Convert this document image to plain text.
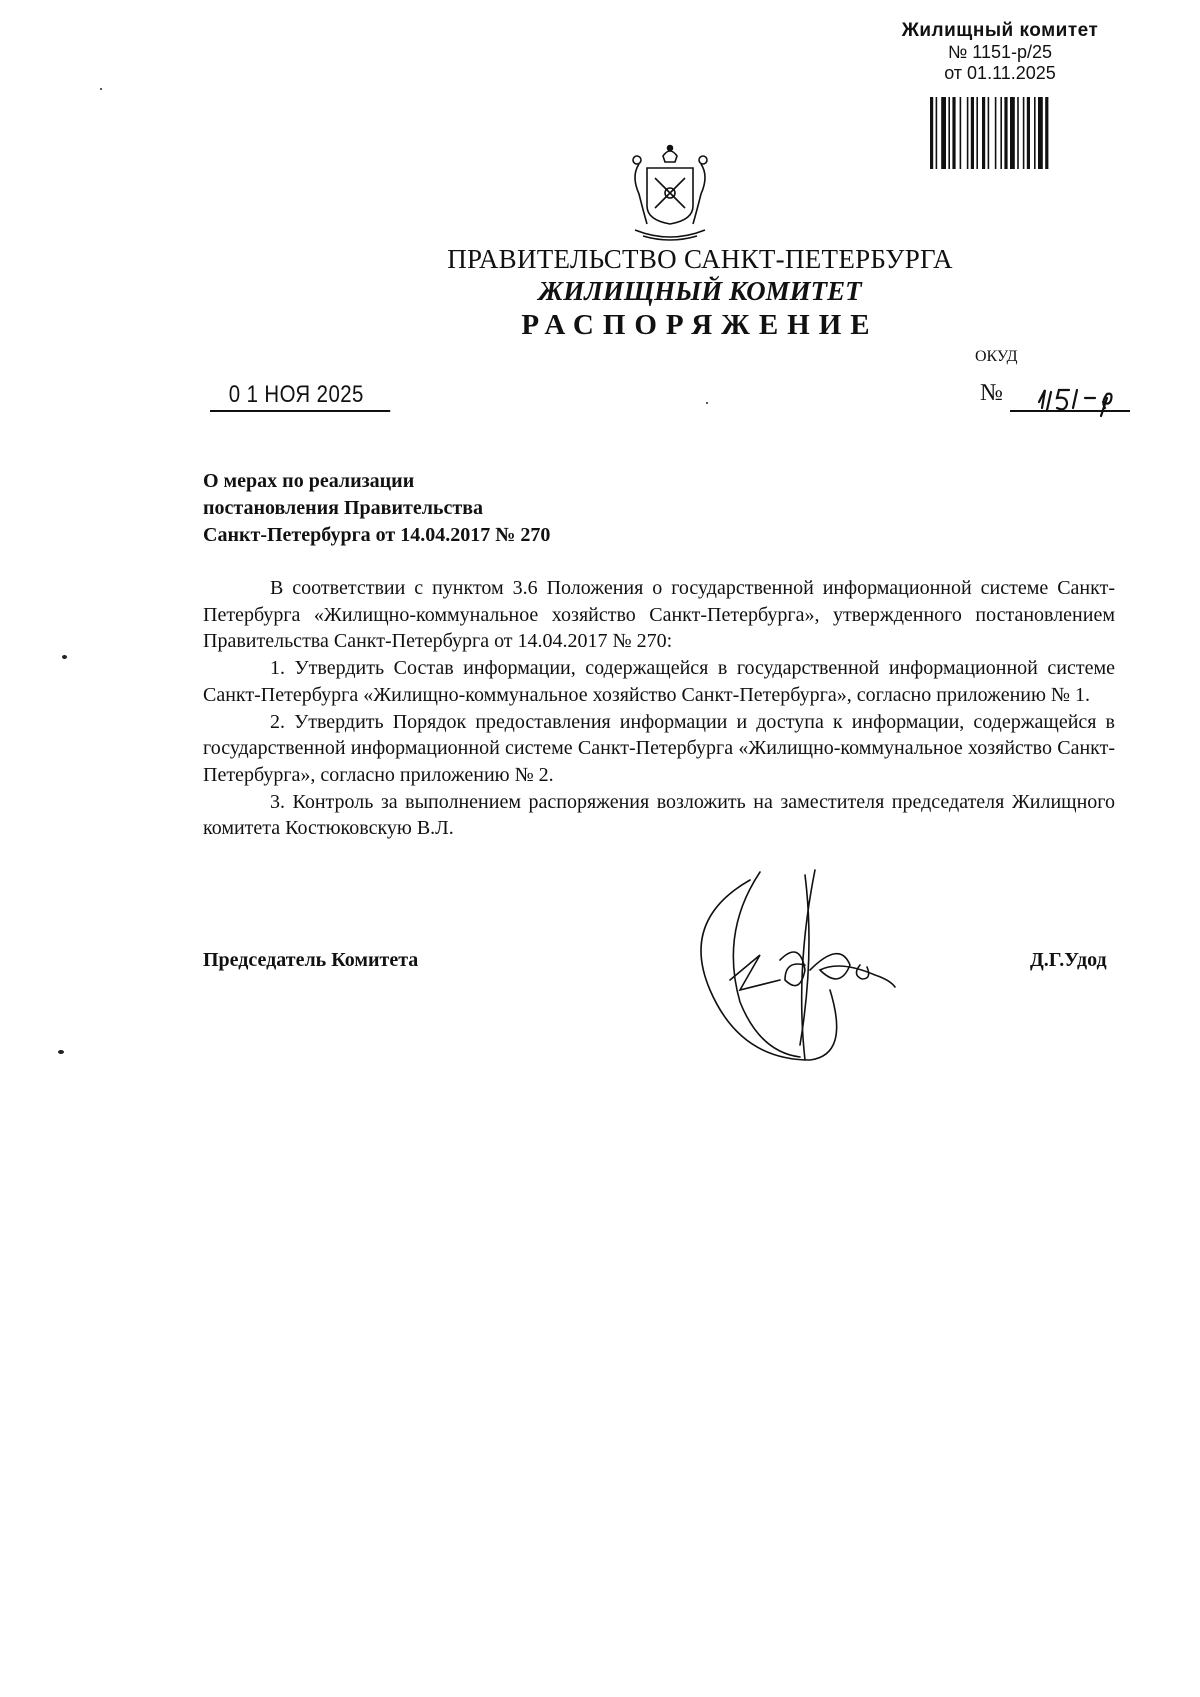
Жилищный комитет
№ 1151-р/25
от 01.11.2025
ПРАВИТЕЛЬСТВО САНКТ-ПЕТЕРБУРГА
ЖИЛИЩНЫЙ КОМИТЕТ
РАСПОРЯЖЕНИЕ
ОКУД
0 1 НОЯ 2025	№
О мерах по реализации
постановления Правительства
Санкт-Петербурга от 14.04.2017 № 270

В соответствии с пунктом 3.6 Положения о государственной информационной системе Санкт-Петербурга «Жилищно-коммунальное хозяйство Санкт-Петербурга», утвержденного постановлением Правительства Санкт-Петербурга от 14.04.2017 № 270:

1. Утвердить Состав информации, содержащейся в государственной информационной системе Санкт-Петербурга «Жилищно-коммунальное хозяйство Санкт-Петербурга», согласно приложению № 1.

2. Утвердить Порядок предоставления информации и доступа к информации, содержащейся в государственной информационной системе Санкт-Петербурга «Жилищно-коммунальное хозяйство Санкт-Петербурга», согласно приложению № 2.

3. Контроль за выполнением распоряжения возложить на заместителя председателя Жилищного комитета Костюковскую В.Л.

Председатель Комитета	Д.Г.Удод
